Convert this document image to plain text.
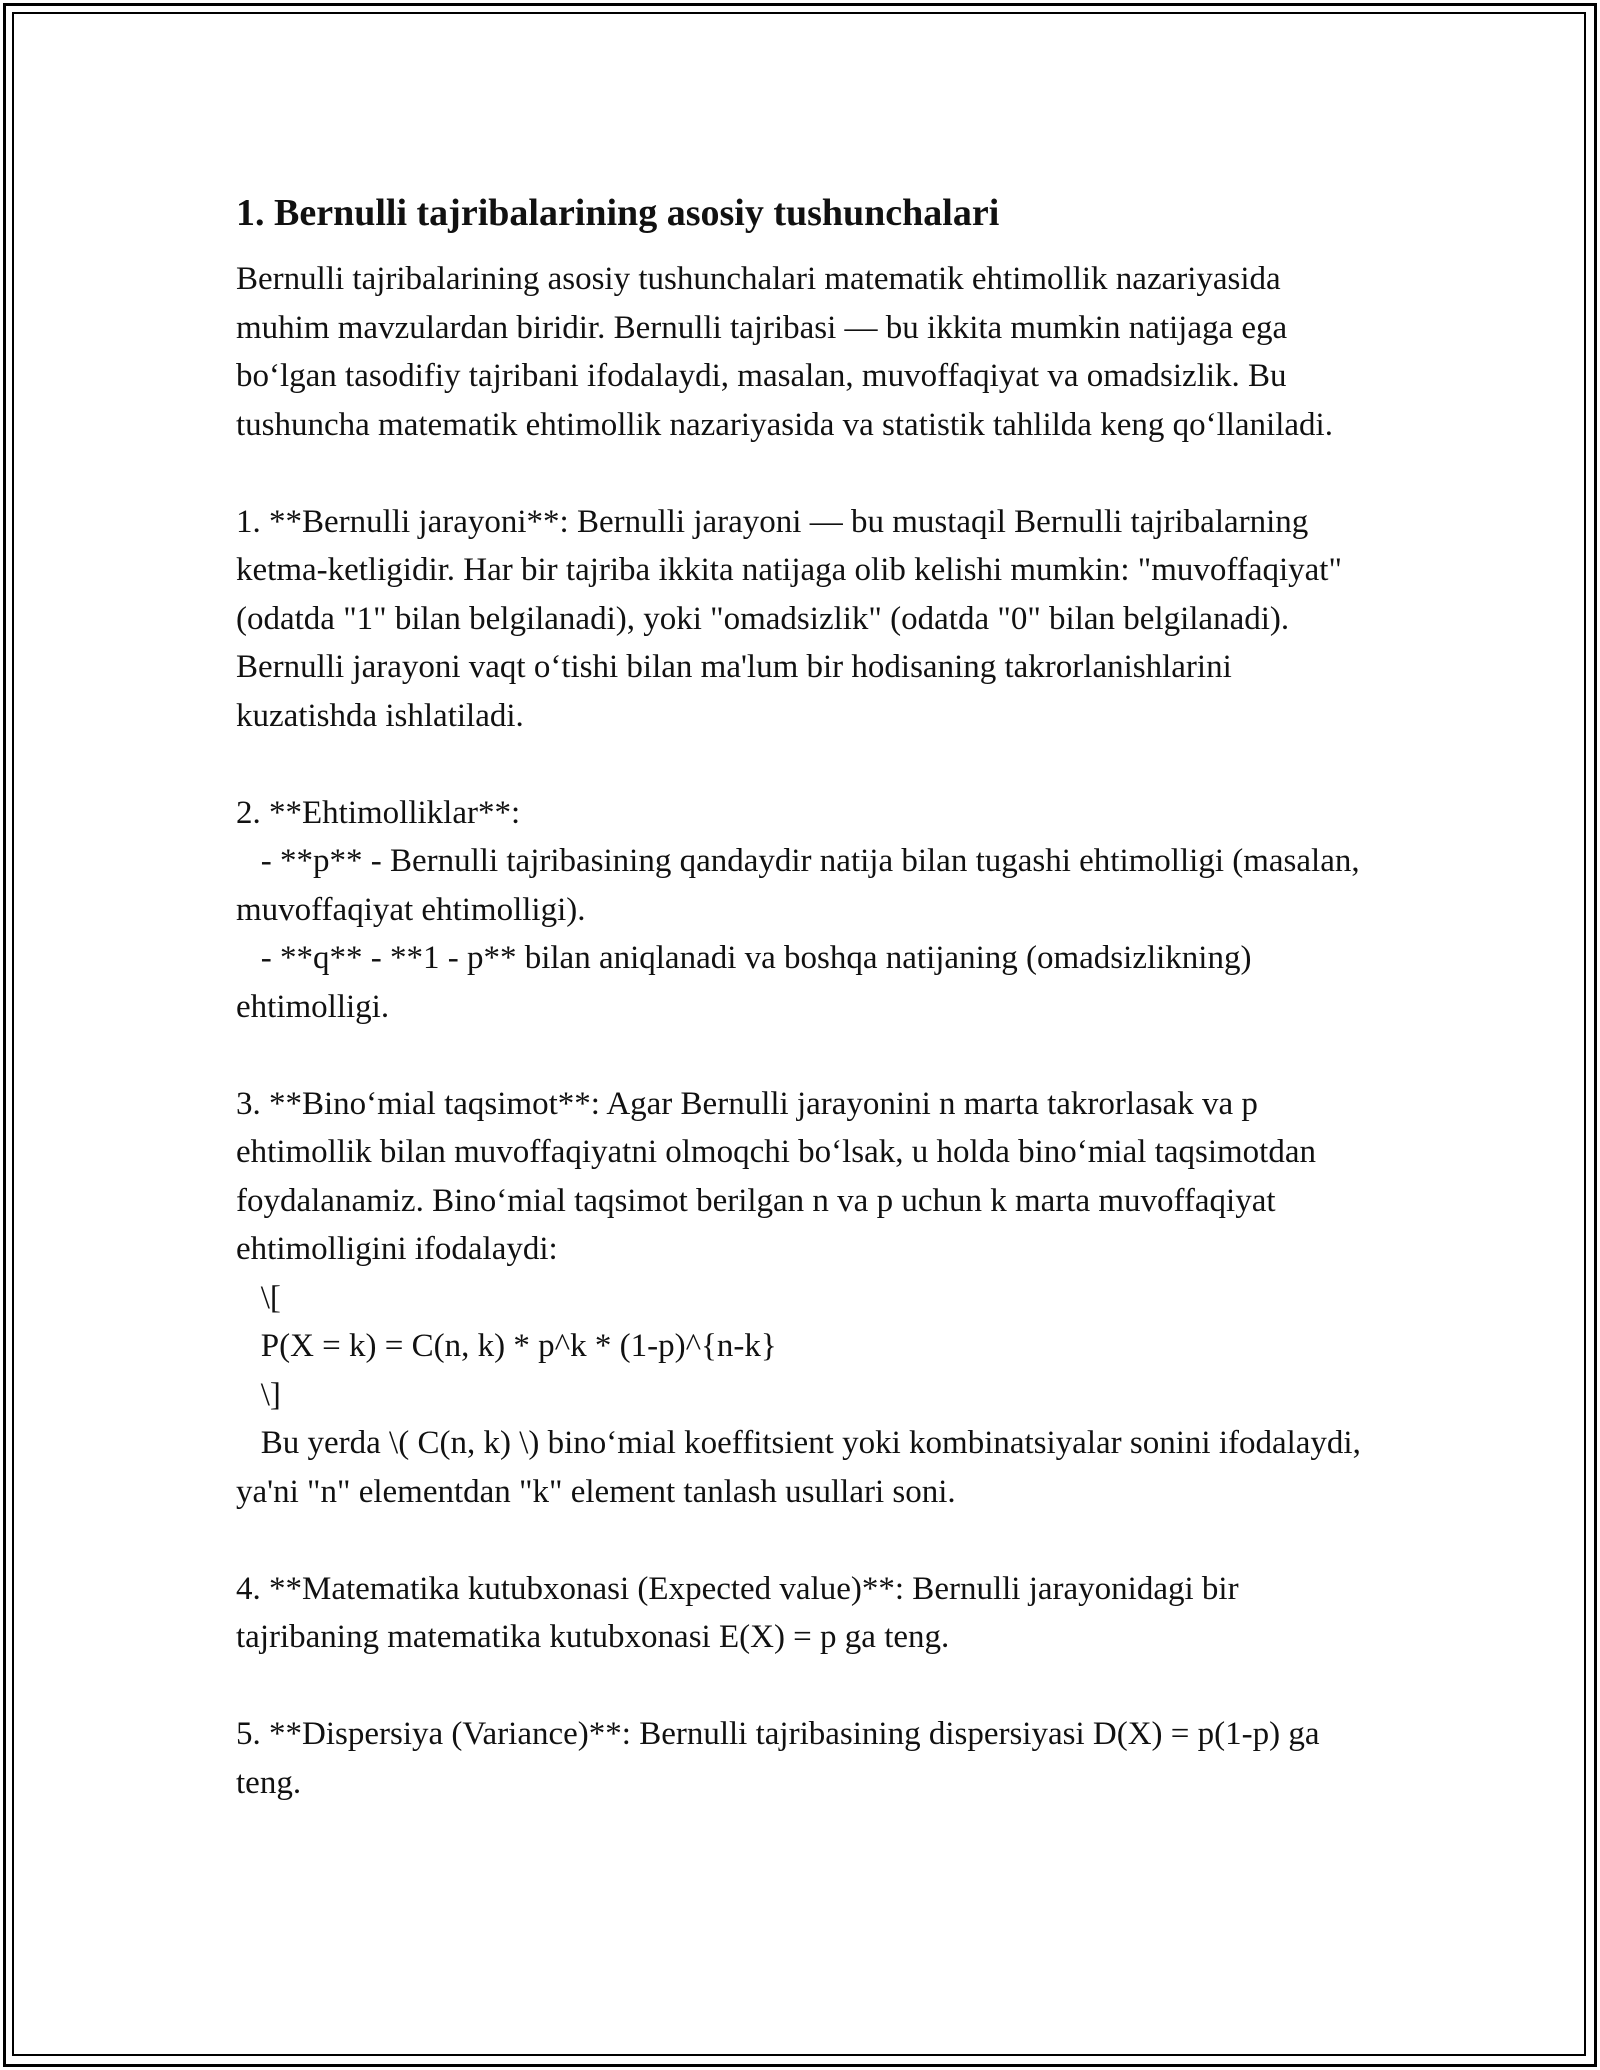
1. Bernulli tajribalarining asosiy tushunchalari

Bernulli tajribalarining asosiy tushunchalari matematik ehtimollik nazariyasida muhim mavzulardan biridir. Bernulli tajribasi — bu ikkita mumkin natijaga ega bo‘lgan tasodifiy tajribani ifodalaydi, masalan, muvoffaqiyat va omadsizlik. Bu tushuncha matematik ehtimollik nazariyasida va statistik tahlilda keng qo‘llaniladi.

1. **Bernulli jarayoni**: Bernulli jarayoni — bu mustaqil Bernulli tajribalarning ketma-ketligidir. Har bir tajriba ikkita natijaga olib kelishi mumkin: "muvoffaqiyat" (odatda "1" bilan belgilanadi), yoki "omadsizlik" (odatda "0" bilan belgilanadi). Bernulli jarayoni vaqt o‘tishi bilan ma'lum bir hodisaning takrorlanishlarini kuzatishda ishlatiladi.

2. **Ehtimolliklar**:

- **p** - Bernulli tajribasining qandaydir natija bilan tugashi ehtimolligi (masalan, muvoffaqiyat ehtimolligi).

- **q** - **1 - p** bilan aniqlanadi va boshqa natijaning (omadsizlikning) ehtimolligi.

3. **Bino‘mial taqsimot**: Agar Bernulli jarayonini n marta takrorlasak va p ehtimollik bilan muvoffaqiyatni olmoqchi bo‘lsak, u holda bino‘mial taqsimotdan foydalanamiz. Bino‘mial taqsimot berilgan n va p uchun k marta muvoffaqiyat ehtimolligini ifodalaydi:

\[

P(X = k) = C(n, k) * p^k * (1-p)^{n-k}

\]

Bu yerda \( C(n, k) \) bino‘mial koeffitsient yoki kombinatsiyalar sonini ifodalaydi, ya'ni "n" elementdan "k" element tanlash usullari soni.

4. **Matematika kutubxonasi (Expected value)**: Bernulli jarayonidagi bir tajribaning matematika kutubxonasi E(X) = p ga teng.

5. **Dispersiya (Variance)**: Bernulli tajribasining dispersiyasi D(X) = p(1-p) ga teng.
